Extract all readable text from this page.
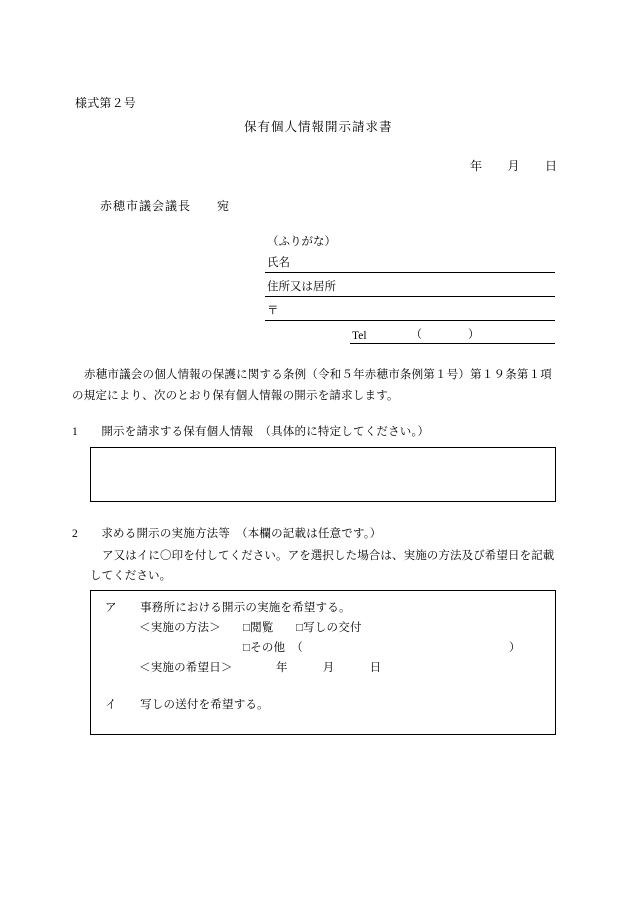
様式第２号
保有個人情報開示請求書
年　　月　　日
赤穂市議会議長　　宛
（ふりがな）
氏名
住所又は居所
〒
Tel	（　　　　）
赤穂市議会の個人情報の保護に関する条例（令和５年赤穂市条例第１号）第１９条第１項の規定により、次のとおり保有個人情報の開示を請求します。
1　　 開示を請求する保有個人情報　（具体的に特定してください。）
2　　 求める開示の実施方法等　（本欄の記載は任意です。）
ア又はイに〇印を付してください。アを選択した場合は、実施の方法及び希望日を記載してください。
ア　　事務所における開示の実施を希望する。
＜実施の方法＞ □閲覧 □写しの交付
□その他　（	）
＜実施の希望日＞	年　　　月　　　日
イ　　写しの送付を希望する。
